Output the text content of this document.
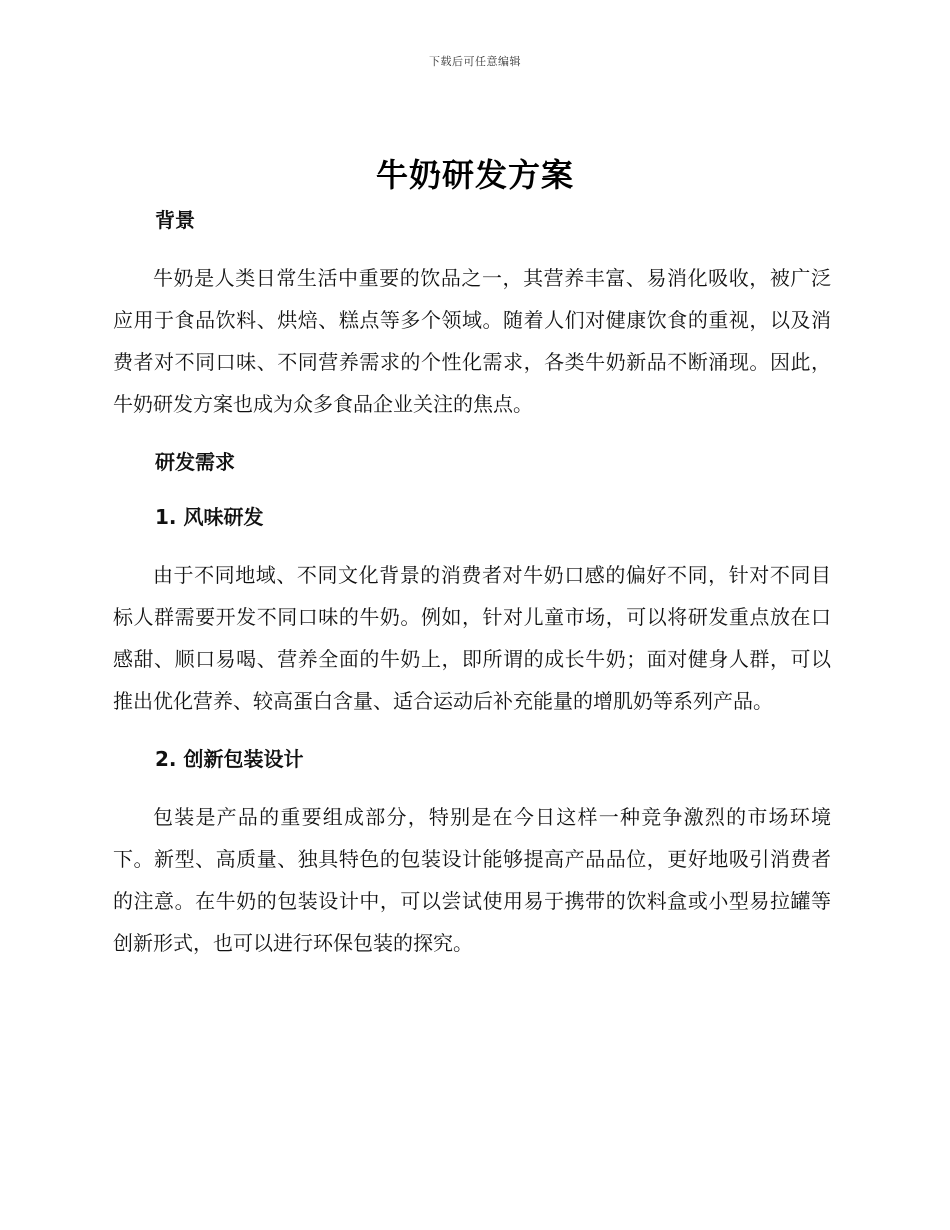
下载后可任意编辑
牛奶研发方案
背景

牛奶是人类日常生活中重要的饮品之一，其营养丰富、易消化吸收，被广泛应用于食品饮料、烘焙、糕点等多个领域。随着人们对健康饮食的重视，以及消费者对不同口味、不同营养需求的个性化需求，各类牛奶新品不断涌现。因此，牛奶研发方案也成为众多食品企业关注的焦点。

研发需求
1. 风味研发

由于不同地域、不同文化背景的消费者对牛奶口感的偏好不同，针对不同目标人群需要开发不同口味的牛奶。例如，针对儿童市场，可以将研发重点放在口感甜、顺口易喝、营养全面的牛奶上，即所谓的成长牛奶；面对健身人群，可以推出优化营养、较高蛋白含量、适合运动后补充能量的增肌奶等系列产品。

2. 创新包装设计

包装是产品的重要组成部分，特别是在今日这样一种竞争激烈的市场环境下。新型、高质量、独具特色的包装设计能够提高产品品位，更好地吸引消费者的注意。在牛奶的包装设计中，可以尝试使用易于携带的饮料盒或小型易拉罐等创新形式，也可以进行环保包装的探究。
